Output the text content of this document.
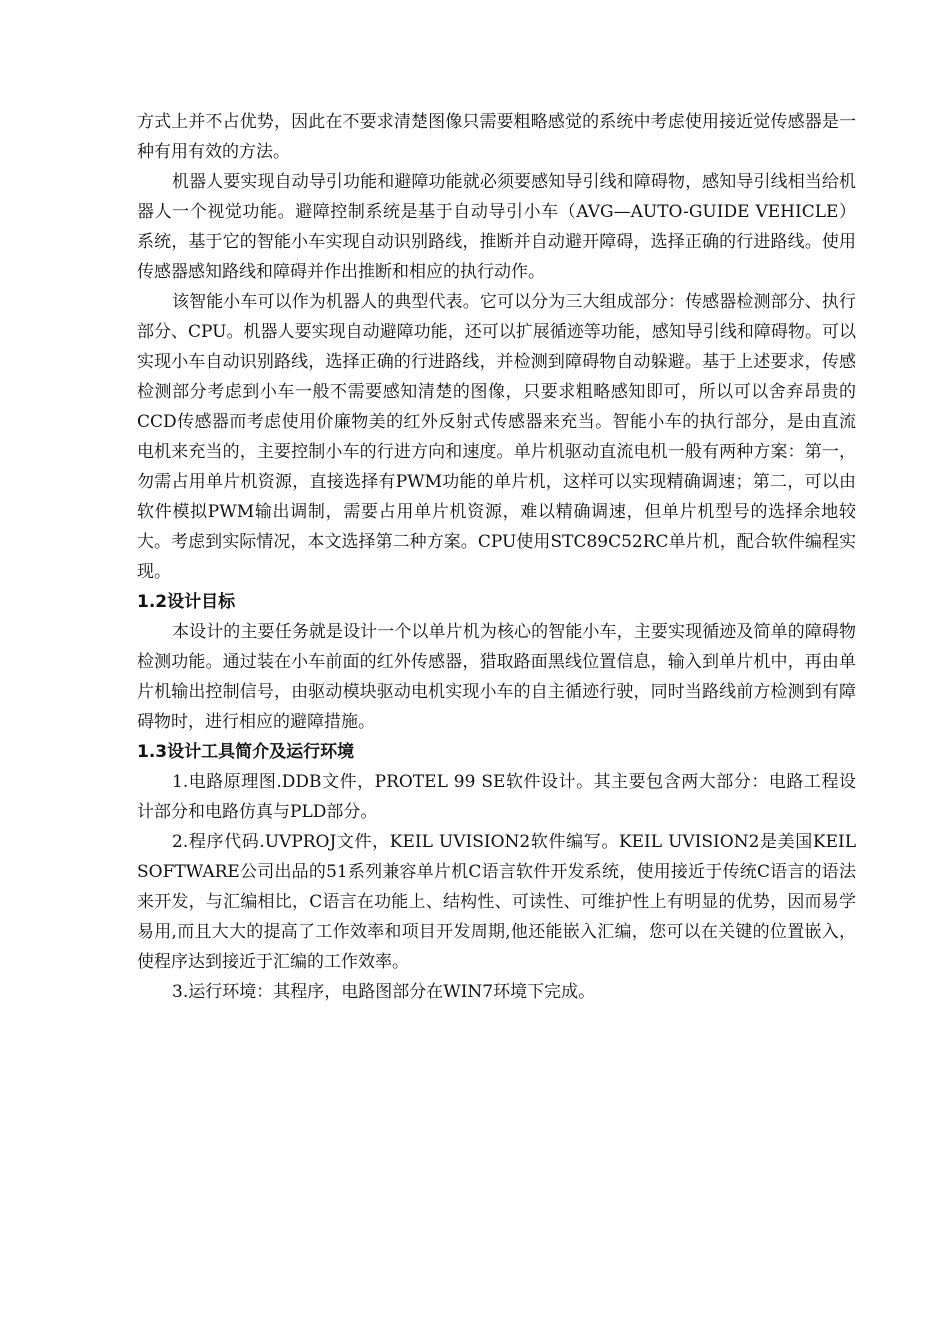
方式上并不占优势，因此在不要求清楚图像只需要粗略感觉的系统中考虑使用接近觉传感器是一种有用有效的方法。

机器人要实现自动导引功能和避障功能就必须要感知导引线和障碍物，感知导引线相当给机器人一个视觉功能。避障控制系统是基于自动导引小车（AVG—AUTO-GUIDE VEHICLE）系统，基于它的智能小车实现自动识别路线，推断并自动避开障碍，选择正确的行进路线。使用传感器感知路线和障碍并作出推断和相应的执行动作。

该智能小车可以作为机器人的典型代表。它可以分为三大组成部分：传感器检测部分、执行部分、CPU。机器人要实现自动避障功能，还可以扩展循迹等功能，感知导引线和障碍物。可以实现小车自动识别路线，选择正确的行进路线，并检测到障碍物自动躲避。基于上述要求，传感检测部分考虑到小车一般不需要感知清楚的图像，只要求粗略感知即可，所以可以舍弃昂贵的CCD传感器而考虑使用价廉物美的红外反射式传感器来充当。智能小车的执行部分，是由直流电机来充当的，主要控制小车的行进方向和速度。单片机驱动直流电机一般有两种方案：第一，勿需占用单片机资源，直接选择有PWM功能的单片机，这样可以实现精确调速；第二，可以由软件模拟PWM输出调制，需要占用单片机资源，难以精确调速，但单片机型号的选择余地较大。考虑到实际情况，本文选择第二种方案。CPU使用STC89C52RC单片机，配合软件编程实现。

1.2设计目标

本设计的主要任务就是设计一个以单片机为核心的智能小车，主要实现循迹及简单的障碍物检测功能。通过装在小车前面的红外传感器，猎取路面黑线位置信息，输入到单片机中，再由单片机输出控制信号，由驱动模块驱动电机实现小车的自主循迹行驶，同时当路线前方检测到有障碍物时，进行相应的避障措施。

1.3设计工具简介及运行环境

1.电路原理图.DDB文件，PROTEL 99 SE软件设计。其主要包含两大部分：电路工程设计部分和电路仿真与PLD部分。

2.程序代码.UVPROJ文件，KEIL UVISION2软件编写。KEIL UVISION2是美国KEIL SOFTWARE公司出品的51系列兼容单片机C语言软件开发系统，使用接近于传统C语言的语法来开发，与汇编相比，C语言在功能上、结构性、可读性、可维护性上有明显的优势，因而易学易用,而且大大的提高了工作效率和项目开发周期,他还能嵌入汇编，您可以在关键的位置嵌入，使程序达到接近于汇编的工作效率。

3.运行环境：其程序，电路图部分在WIN7环境下完成。
